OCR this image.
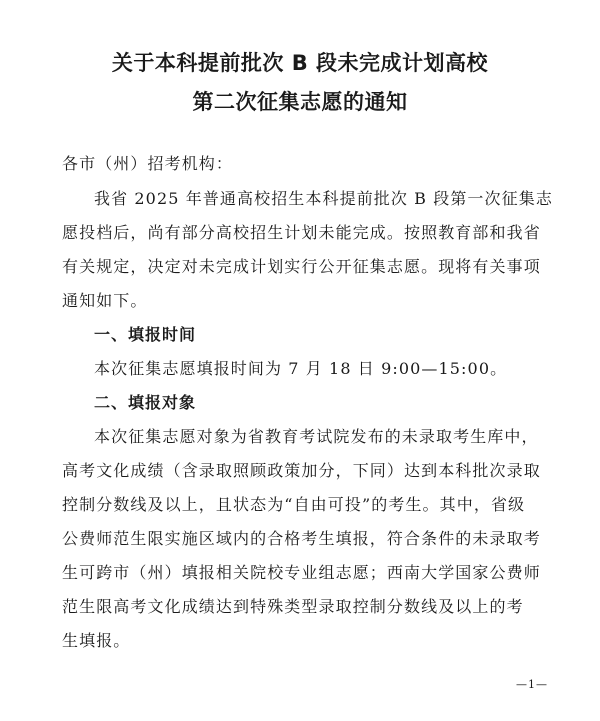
关于本科提前批次 B 段未完成计划高校
第二次征集志愿的通知
各市（州）招考机构：
我省 2025 年普通高校招生本科提前批次 B 段第一次征集志
愿投档后，尚有部分高校招生计划未能完成。按照教育部和我省
有关规定，决定对未完成计划实行公开征集志愿。现将有关事项
通知如下。
一、填报时间
本次征集志愿填报时间为 7 月 18 日 9:00—15:00。
二、填报对象
本次征集志愿对象为省教育考试院发布的未录取考生库中，
高考文化成绩（含录取照顾政策加分，下同）达到本科批次录取
控制分数线及以上，且状态为“自由可投”的考生。其中，省级
公费师范生限实施区域内的合格考生填报，符合条件的未录取考
生可跨市（州）填报相关院校专业组志愿；西南大学国家公费师
范生限高考文化成绩达到特殊类型录取控制分数线及以上的考
生填报。
—1—
